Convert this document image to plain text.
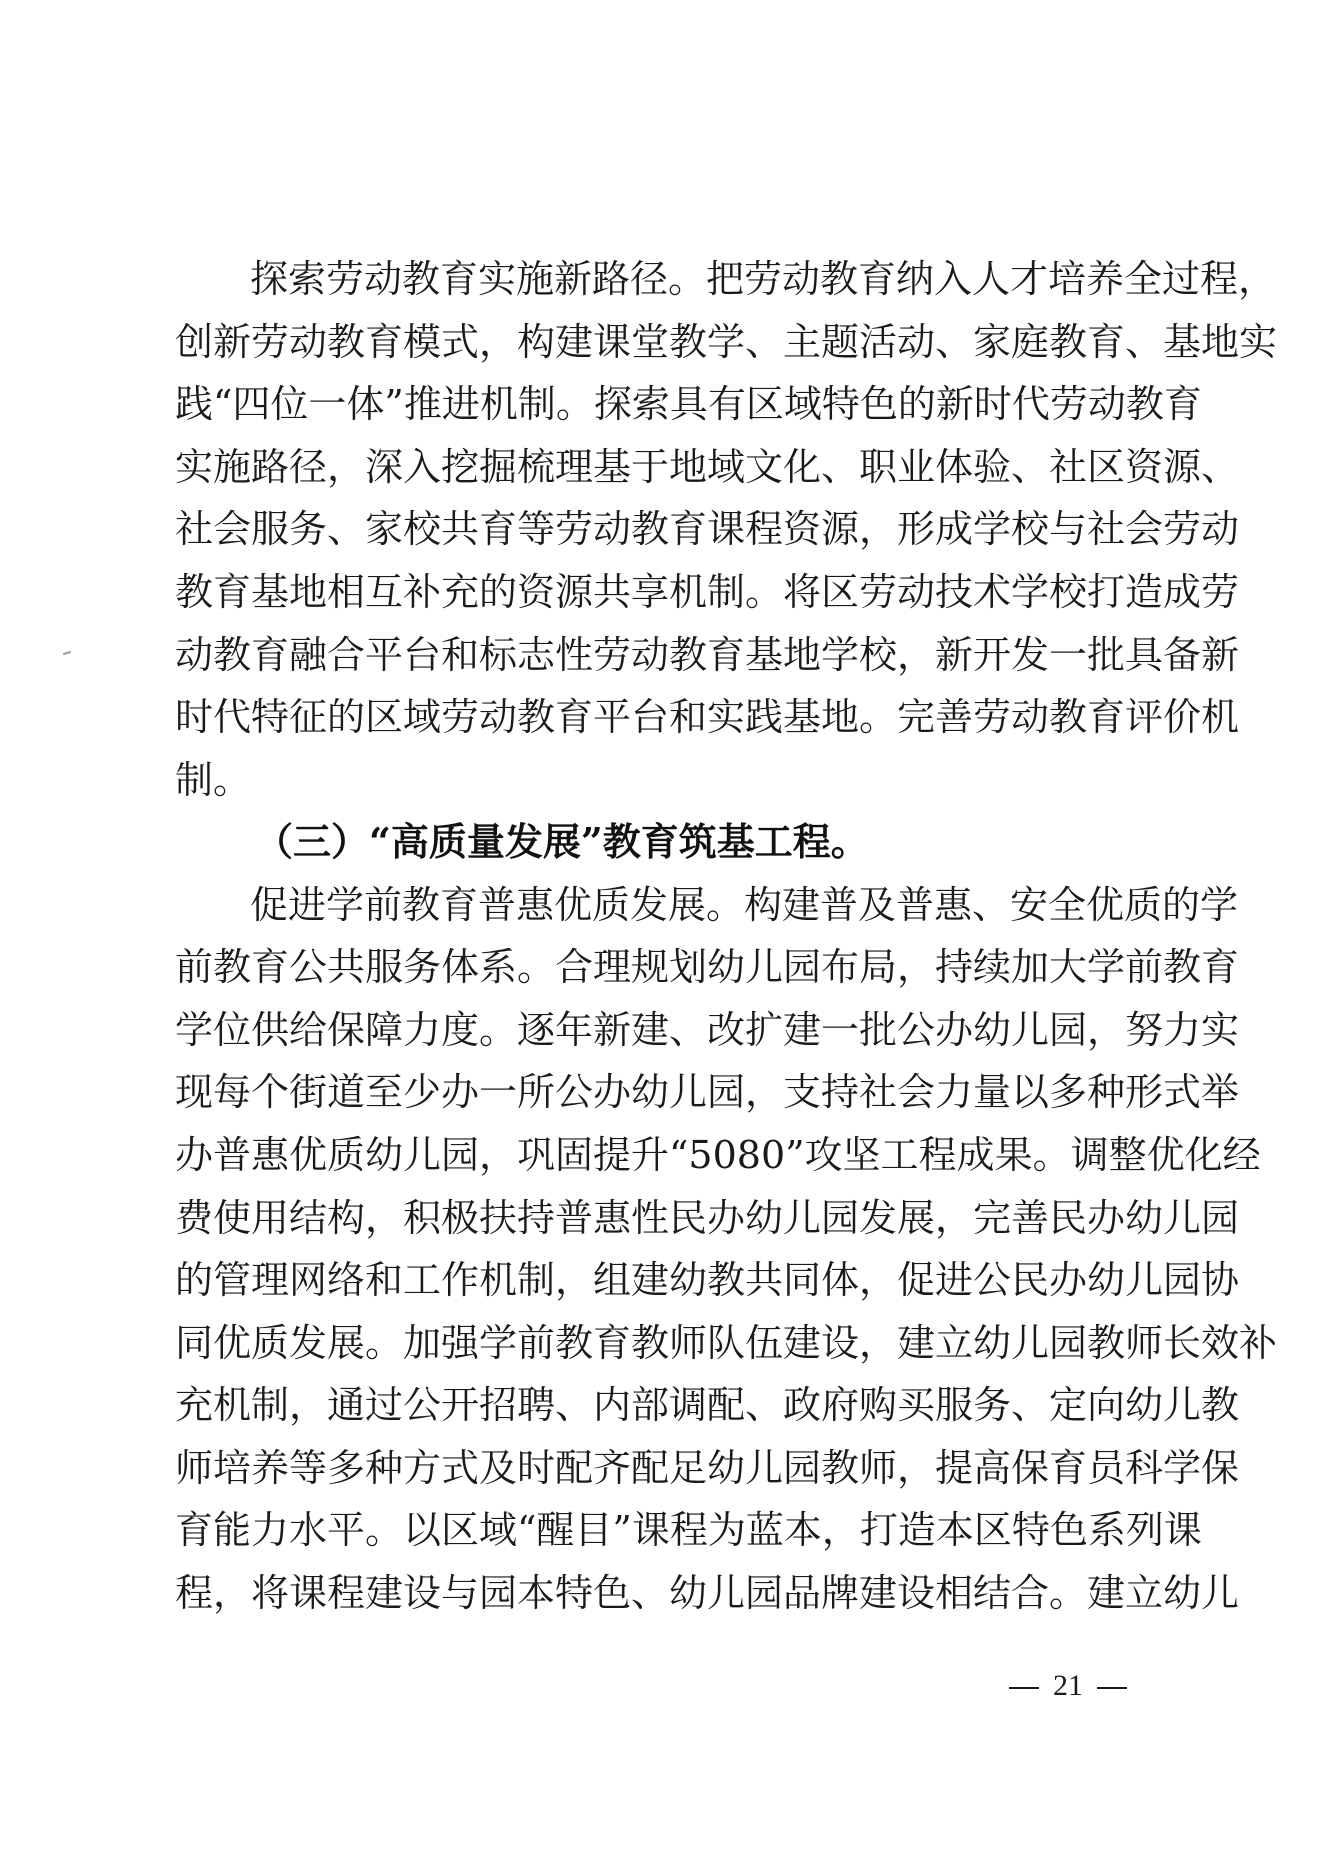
探索劳动教育实施新路径。把劳动教育纳入人才培养全过程，
创新劳动教育模式，构建课堂教学、主题活动、家庭教育、基地实
践“四位一体”推进机制。探索具有区域特色的新时代劳动教育
实施路径，深入挖掘梳理基于地域文化、职业体验、社区资源、
社会服务、家校共育等劳动教育课程资源，形成学校与社会劳动
教育基地相互补充的资源共享机制。将区劳动技术学校打造成劳
动教育融合平台和标志性劳动教育基地学校，新开发一批具备新
时代特征的区域劳动教育平台和实践基地。完善劳动教育评价机
制。
（三）“高质量发展”教育筑基工程。
促进学前教育普惠优质发展。构建普及普惠、安全优质的学
前教育公共服务体系。合理规划幼儿园布局，持续加大学前教育
学位供给保障力度。逐年新建、改扩建一批公办幼儿园，努力实
现每个街道至少办一所公办幼儿园，支持社会力量以多种形式举
办普惠优质幼儿园，巩固提升“5080”攻坚工程成果。调整优化经
费使用结构，积极扶持普惠性民办幼儿园发展，完善民办幼儿园
的管理网络和工作机制，组建幼教共同体，促进公民办幼儿园协
同优质发展。加强学前教育教师队伍建设，建立幼儿园教师长效补
充机制，通过公开招聘、内部调配、政府购买服务、定向幼儿教
师培养等多种方式及时配齐配足幼儿园教师，提高保育员科学保
育能力水平。以区域“醒目”课程为蓝本，打造本区特色系列课
程，将课程建设与园本特色、幼儿园品牌建设相结合。建立幼儿
21
